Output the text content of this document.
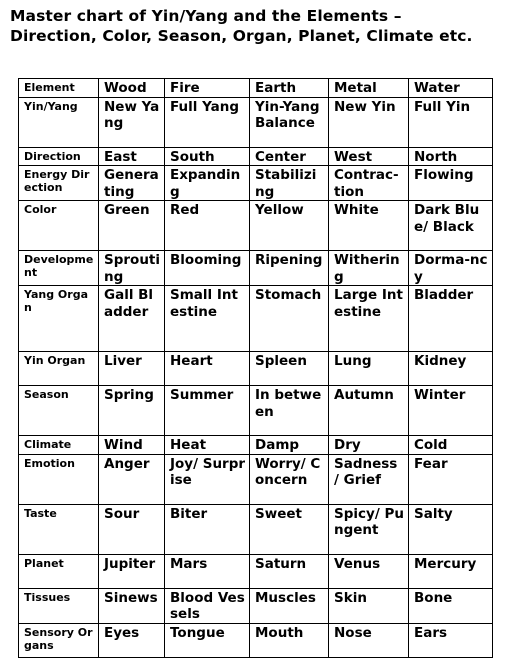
Master chart of Yin/Yang and the Elements –
Direction, Color, Season, Organ, Planet, Climate etc.
Element	Wood	Fire	Earth	Metal	Water
Yin/Yang	New Yang	Full Yang	Yin-Yang Balance	New Yin	Full Yin
Direction	East	South	Center	West	North
Energy Direction	Generating	Expanding	Stabilizing	Contrac-tion	Flowing
Color	Green	Red	Yellow	White	Dark Blue/ Black
Development	Sprouting	Blooming	Ripening	Withering	Dorma-ncy
Yang Organ	Gall Bladder	Small Intestine	Stomach	Large Intestine	Bladder
Yin Organ	Liver	Heart	Spleen	Lung	Kidney
Season	Spring	Summer	In between	Autumn	Winter
Climate	Wind	Heat	Damp	Dry	Cold
Emotion	Anger	Joy/ Surprise	Worry/ Concern	Sadness / Grief	Fear
Taste	Sour	Biter	Sweet	Spicy/ Pungent	Salty
Planet	Jupiter	Mars	Saturn	Venus	Mercury
Tissues	Sinews	Blood Vessels	Muscles	Skin	Bone
Sensory Organs	Eyes	Tongue	Mouth	Nose	Ears
